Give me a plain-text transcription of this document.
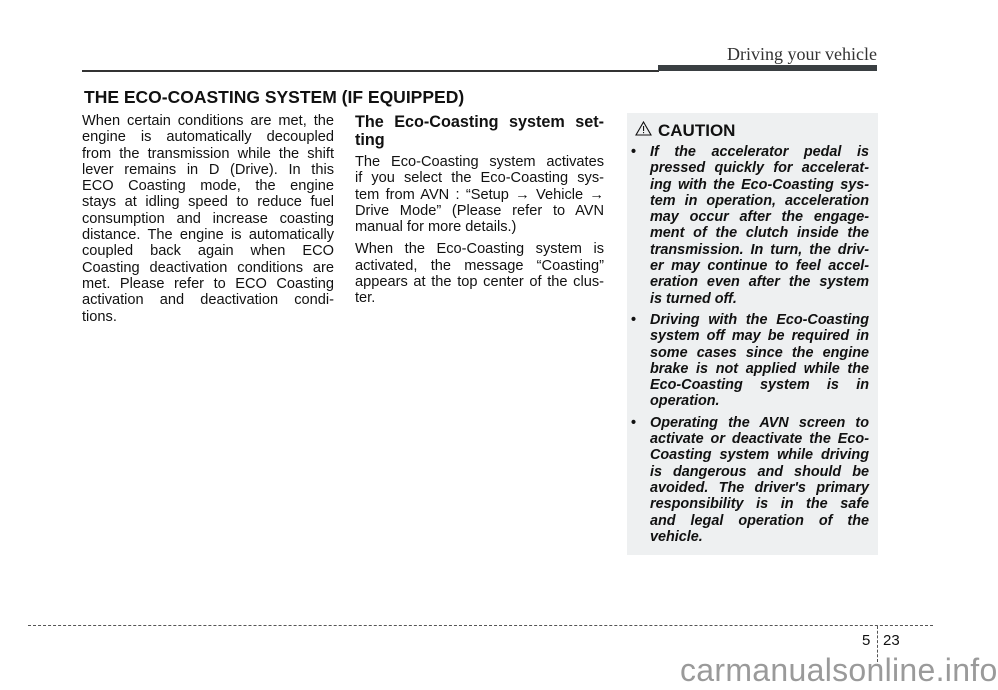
Driving your vehicle
THE ECO-COASTING SYSTEM (IF EQUIPPED)
When certain conditions are met, the
engine is automatically decoupled
from the transmission while the shift
lever remains in D (Drive). In this
ECO Coasting mode, the engine
stays at idling speed to reduce fuel
consumption and increase coasting
distance. The engine is automatically
coupled back again when ECO
Coasting deactivation conditions are
met. Please refer to ECO Coasting
activation and deactivation condi-
tions.
The Eco-Coasting system set-
ting
The Eco-Coasting system activates
if you select the Eco-Coasting sys-
tem from AVN : “Setup → Vehicle →
Drive Mode” (Please refer to AVN
manual for more details.)
When the Eco-Coasting system is
activated, the message “Coasting”
appears at the top center of the clus-
ter.
CAUTION
• If the accelerator pedal is
pressed quickly for accelerat-
ing with the Eco-Coasting sys-
tem in operation, acceleration
may occur after the engage-
ment of the clutch inside the
transmission. In turn, the driv-
er may continue to feel accel-
eration even after the system
is turned off.
• Driving with the Eco-Coasting
system off may be required in
some cases since the engine
brake is not applied while the
Eco-Coasting system is in
operation.
• Operating the AVN screen to
activate or deactivate the Eco-
Coasting system while driving
is dangerous and should be
avoided. The driver's primary
responsibility is in the safe
and legal operation of the
vehicle.
5 23
carmanualsonline.info
